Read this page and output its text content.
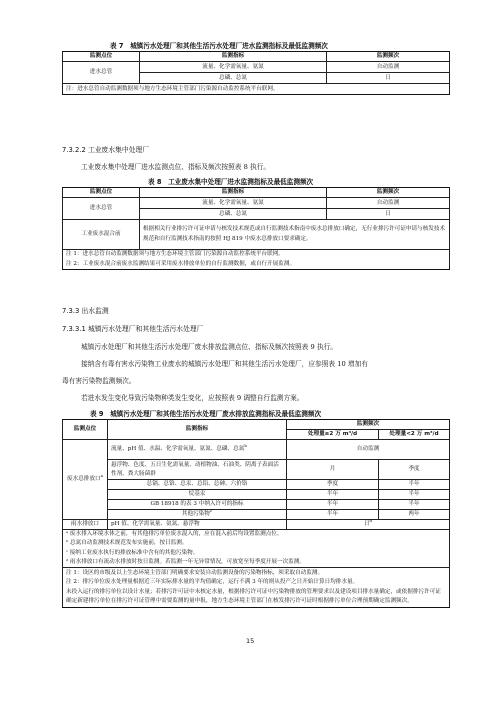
表 7　城镇污水处理厂和其他生活污水处理厂进水监测指标及最低监测频次
监测点位	监测指标	监测频次
进水总管	流量、化学需氧量、氨氮	自动监测
	总磷、总氮	日
注：进水总管自动监测数据须与地方生态环境主管部门污染源自动监控系统平台联网。		
7.3.2.2 工业废水集中处理厂
工业废水集中处理厂进水监测点位、指标及频次按照表 8 执行。
表 8　工业废水集中处理厂进水监测指标及最低监测频次
监测点位	监测指标	监测频次
进水总管	流量、化学需氧量、氨氮	自动监测
	总磷、总氮	日
工业废水混合前	根据相关行业排污许可证申请与核发技术规范或自行监测技术指南中废水总排放口确定，无行业排污许可证申请与核发技术规范和自行监测技术指南的按照 HJ 819 中废水总排放口要求确定。	

注 1：进水总管自动监测数据须与地方生态环境主管部门污染源自动监控系统平台联网。
注 2：工业废水混合前废水监测结果可采用废水排放单位的自行监测数据，或自行开展监测。		
7.3.3 出水监测
7.3.3.1 城镇污水处理厂和其他生活污水处理厂
城镇污水处理厂和其他生活污水处理厂废水排放监测点位、指标及频次按照表 9 执行。
接纳含有毒有害水污染物工业废水的城镇污水处理厂和其他生活污水处理厂，应参照表 10 增加有
毒有害污染物监测频次。
若进水发生变化导致污染物种类发生变化，应按照表 9 调整自行监测方案。
表 9　城镇污水处理厂和其他生活污水处理厂废水排放监测指标及最低监测频次
监测点位	监测指标	监测频次	
		处理量≥2 万 m³/d	处理量<2 万 m³/d
废水总排放口$^a$	流量、pH 值、水温、化学需氧量、氨氮、总磷、总氮$^b$	自动监测	
	悬浮物、色度、五日生化需氧量、动植物油、石油类、阴离子表面活性剂、粪大肠菌群	月	季度
	总镉、总铬、总汞、总铅、总砷、六价铬	季度	半年
	烷基汞	半年	半年
	GB 18918 的表 3 中纳入许可的指标	半年	半年
	其他污染物$^c$	半年	两年
雨水排放口	pH 值、化学需氧量、氨氮、悬浮物	日$^d$

ᵃ 废水排入环境水体之前，有其他排污单位废水混入的，应在混入前后均设置监测点位。
ᵇ 总氮自动监测技术规范发布实施前，按日监测。
ᶜ 接纳工业废水执行的排放标准中含有的其他污染物。
ᵈ 雨水排放口有流动水排放时按日监测。若监测一年无异常情况，可放宽至每季度开展一次监测。			

注 1：设区的市级及以上生态环境主管部门明确要求安装自动监测设备的污染物指标，须采取自动监测。
注 2：排污单位废水处理量根据近三年实际排水量的平均值确定，运行不满 3 年的则从投产之日开始计算日均排水量。
未投入运行的排污单位以设计水量；若排污许可证中未核定水量，根据排污许可证中污染物排放的管理要求以及建设项目排水量确定，或依据排污许可证确定新建排污单位在排污许可证管理中需要监测的量申报，地方生态环境主管部门在核发排污许可证时根据排污单位合理预期确定监测频次。			
15
